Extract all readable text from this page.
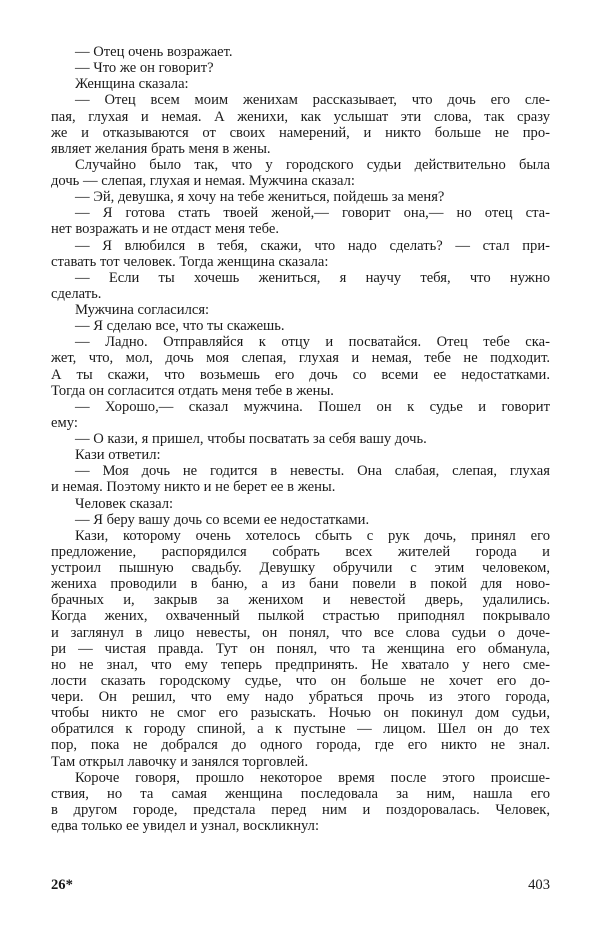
— Отец очень возражает.
— Что же он говорит?
Женщина сказала:
— Отец всем моим женихам рассказывает, что дочь его сле-
пая, глухая и немая. А женихи, как услышат эти слова, так сразу
же и отказываются от своих намерений, и никто больше не про-
являет желания брать меня в жены.
Случайно было так, что у городского судьи действительно была
дочь — слепая, глухая и немая. Мужчина сказал:
— Эй, девушка, я хочу на тебе жениться, пойдешь за меня?
— Я готова стать твоей женой,— говорит она,— но отец ста-
нет возражать и не отдаст меня тебе.
— Я влюбился в тебя, скажи, что надо сделать? — стал при-
ставать тот человек. Тогда женщина сказала:
— Если ты хочешь жениться, я научу тебя, что нужно
сделать.
Мужчина согласился:
— Я сделаю все, что ты скажешь.
— Ладно. Отправляйся к отцу и посватайся. Отец тебе ска-
жет, что, мол, дочь моя слепая, глухая и немая, тебе не подходит.
А ты скажи, что возьмешь его дочь со всеми ее недостатками.
Тогда он согласится отдать меня тебе в жены.
— Хорошо,— сказал мужчина. Пошел он к судье и говорит
ему:
— О кази, я пришел, чтобы посватать за себя вашу дочь.
Кази ответил:
— Моя дочь не годится в невесты. Она слабая, слепая, глухая
и немая. Поэтому никто и не берет ее в жены.
Человек сказал:
— Я беру вашу дочь со всеми ее недостатками.
Кази, которому очень хотелось сбыть с рук дочь, принял его
предложение, распорядился собрать всех жителей города и
устроил пышную свадьбу. Девушку обручили с этим человеком,
жениха проводили в баню, а из бани повели в покой для ново-
брачных и, закрыв за женихом и невестой дверь, удалились.
Когда жених, охваченный пылкой страстью приподнял покрывало
и заглянул в лицо невесты, он понял, что все слова судьи о доче-
ри — чистая правда. Тут он понял, что та женщина его обманула,
но не знал, что ему теперь предпринять. Не хватало у него сме-
лости сказать городскому судье, что он больше не хочет его до-
чери. Он решил, что ему надо убраться прочь из этого города,
чтобы никто не смог его разыскать. Ночью он покинул дом судьи,
обратился к городу спиной, а к пустыне — лицом. Шел он до тех
пор, пока не добрался до одного города, где его никто не знал.
Там открыл лавочку и занялся торговлей.
Короче говоря, прошло некоторое время после этого происше-
ствия, но та самая женщина последовала за ним, нашла его
в другом городе, предстала перед ним и поздоровалась. Человек,
едва только ее увидел и узнал, воскликнул:
26*	403
